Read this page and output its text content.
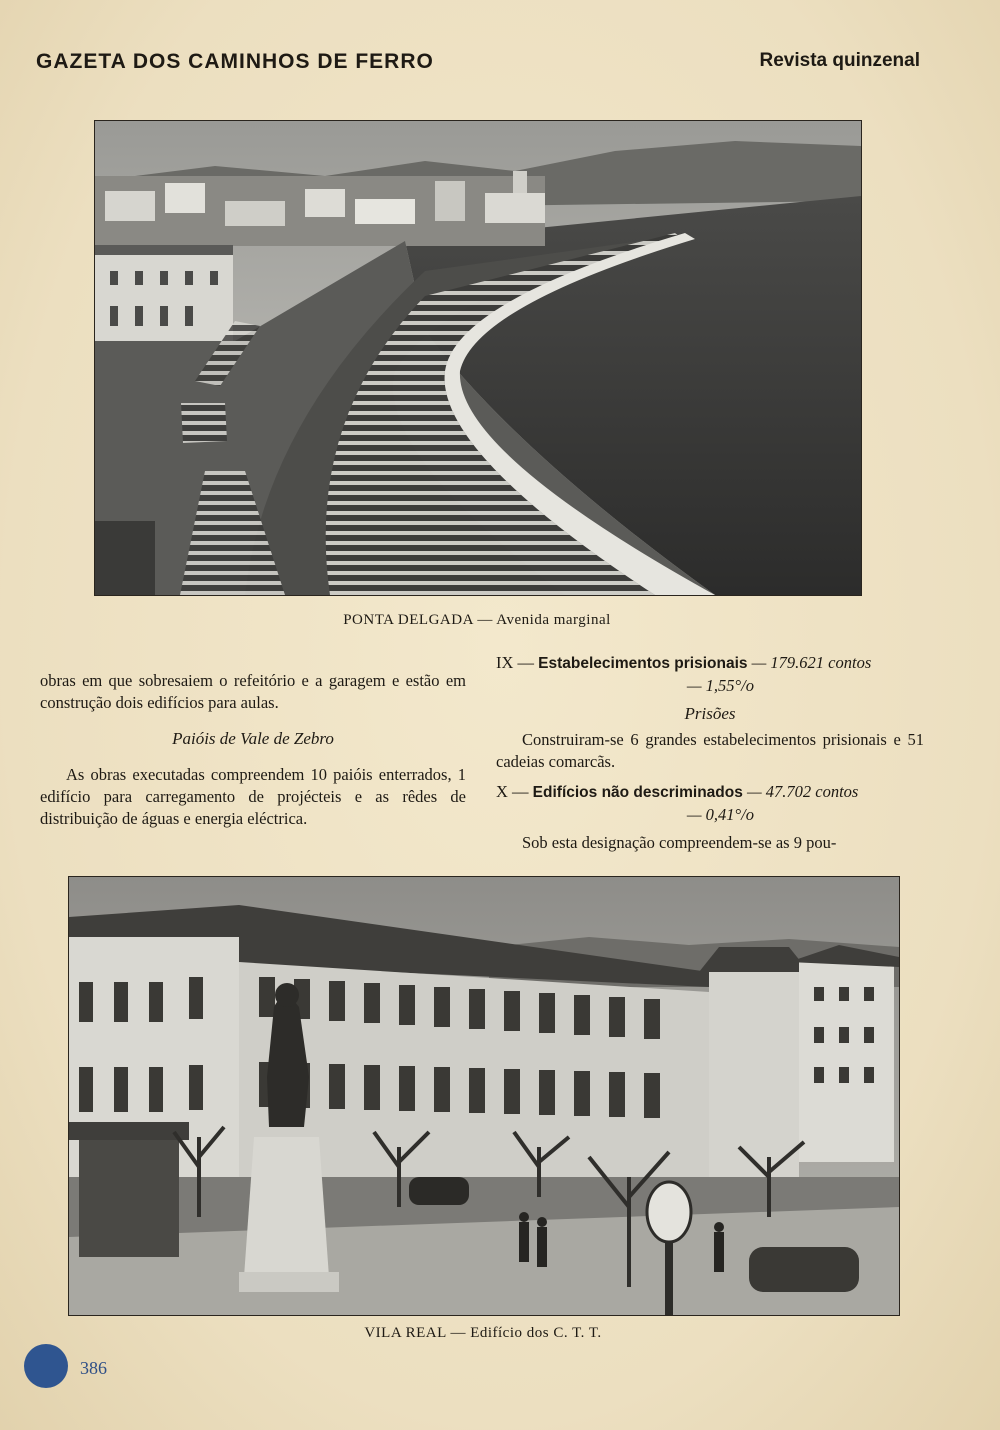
GAZETA DOS CAMINHOS DE FERRO	Revista quinzenal
PONTA DELGADA — Avenida marginal

obras em que sobresaiem o refeitório e a garagem e estão em construção dois edifícios para aulas.

Paióis de Vale de Zebro

As obras executadas compreendem 10 paióis enterrados, 1 edifício para carregamento de projécteis e as rêdes de distribuição de águas e energia eléctrica.

IX — Estabelecimentos prisionais — 179.621 contos

— 1,55°/o

Prisões

Construiram-se 6 grandes estabelecimentos prisionais e 51 cadeias comarcãs.

X — Edifícios não descriminados — 47.702 contos

— 0,41°/o

Sob esta designação compreendem-se as 9 pou-

VILA REAL — Edifício dos C. T. T.
386
